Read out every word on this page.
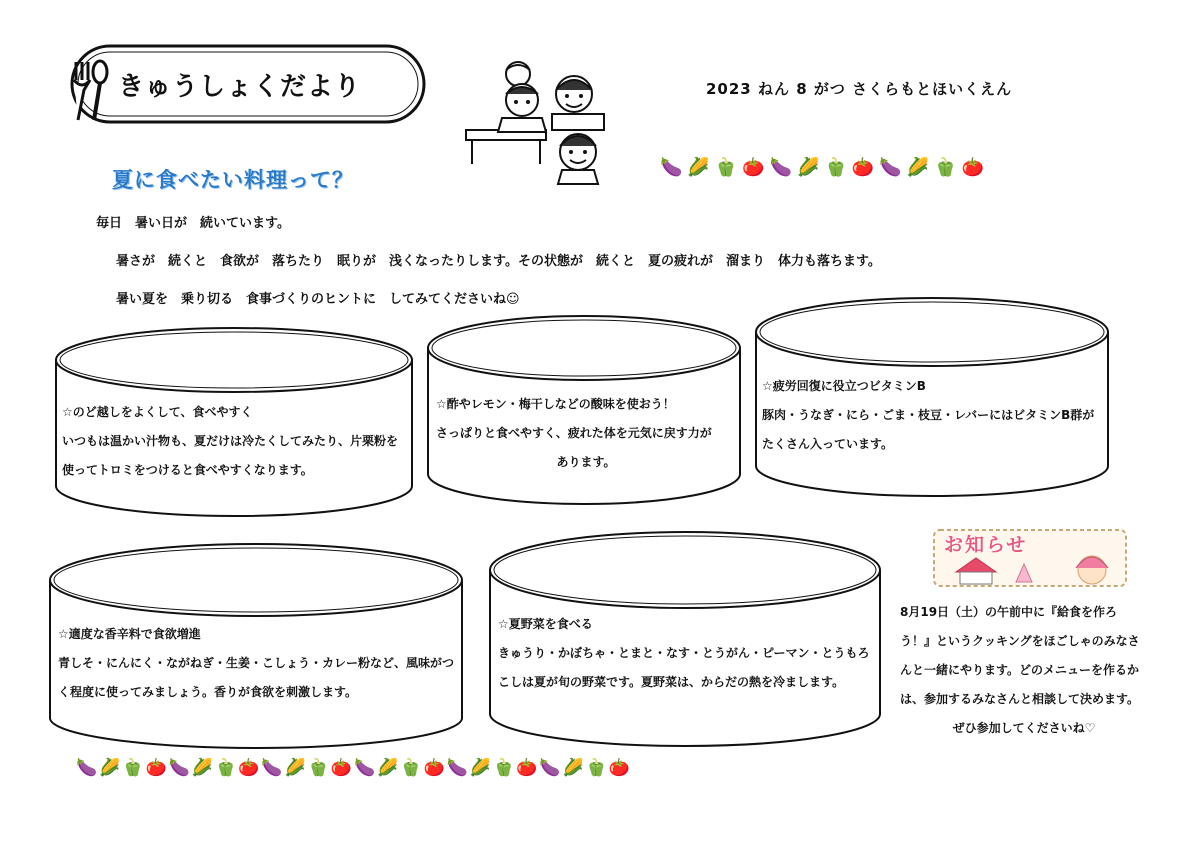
きゅうしょくだより	2023 ねん 8 がつ さくらもとほいくえん
夏に食べたい料理って？
🍆🌽🫑🍅🍆🌽🫑🍅🍆🌽🫑🍅
毎日　暑い日が　続いています。
暑さが　続くと　食欲が　落ちたり　眠りが　浅くなったりします。その状態が　続くと　夏の疲れが　溜まり　体力も落ちます。
暑い夏を　乗り切る　食事づくりのヒントに　してみてくださいね☺
☆のど越しをよくして、食べやすく
いつもは温かい汁物も、夏だけは冷たくしてみたり、片栗粉を
使ってトロミをつけると食べやすくなります。
☆酢やレモン・梅干しなどの酸味を使おう！
さっぱりと食べやすく、疲れた体を元気に戻す力が
あります。
☆疲労回復に役立つビタミンB
豚肉・うなぎ・にら・ごま・枝豆・レバーにはビタミンB群が
たくさん入っています。
☆適度な香辛料で食欲増進
青しそ・にんにく・ながねぎ・生姜・こしょう・カレー粉など、風味がつ
く程度に使ってみましょう。香りが食欲を刺激します。
☆夏野菜を食べる
きゅうり・かぼちゃ・とまと・なす・とうがん・ピーマン・とうもろ
こしは夏が旬の野菜です。夏野菜は、からだの熱を冷まします。
お知らせ
8月19日（土）の午前中に『給食を作ろ
う！』というクッキングをほごしゃのみなさ
んと一緒にやります。どのメニューを作るか
は、参加するみなさんと相談して決めます。
ぜひ参加してくださいね♡
🍆🌽🫑🍅🍆🌽🫑🍅🍆🌽🫑🍅🍆🌽🫑🍅🍆🌽🫑🍅🍆🌽🫑🍅
